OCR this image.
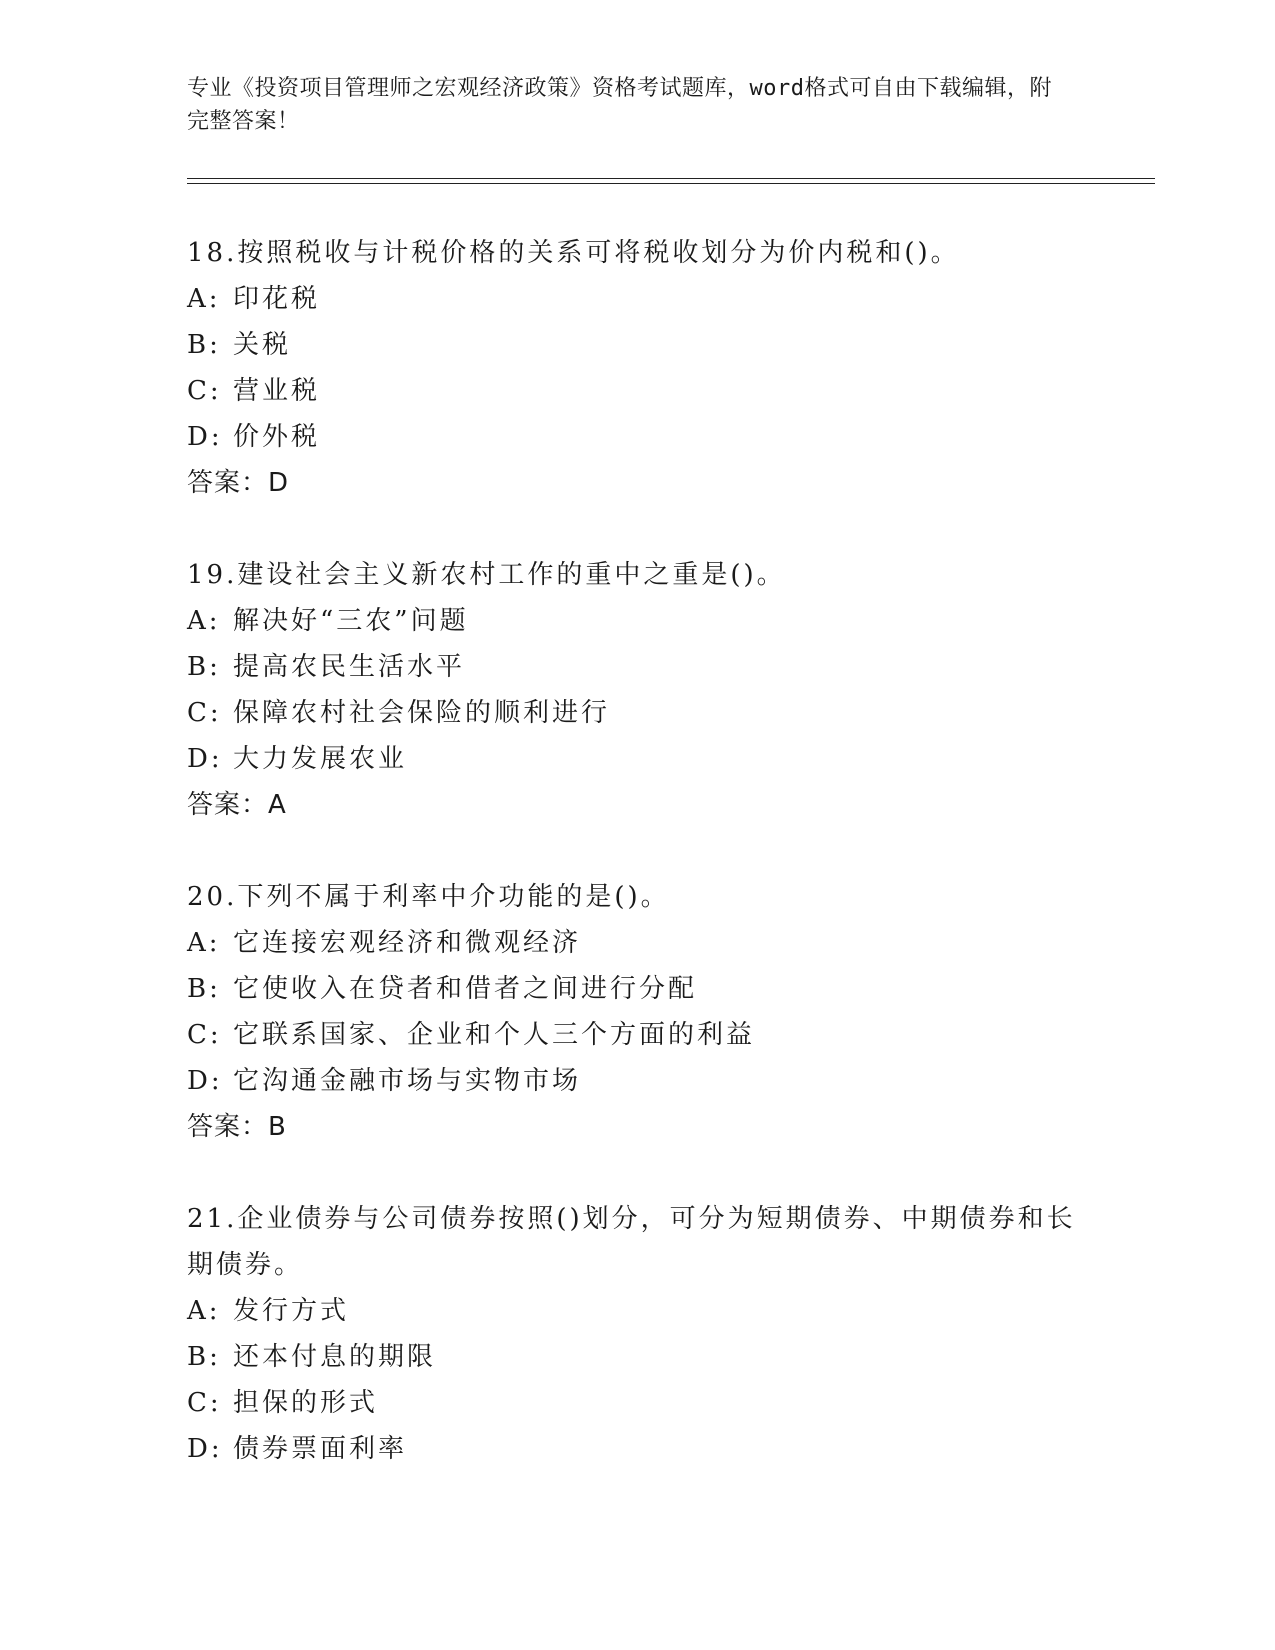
专业《投资项目管理师之宏观经济政策》资格考试题库，word格式可自由下载编辑，附完整答案！
18.按照税收与计税价格的关系可将税收划分为价内税和()。
A: 印花税
B: 关税
C: 营业税
D: 价外税
答案：D
19.建设社会主义新农村工作的重中之重是()。
A: 解决好“三农”问题
B: 提高农民生活水平
C: 保障农村社会保险的顺利进行
D: 大力发展农业
答案：A
20.下列不属于利率中介功能的是()。
A: 它连接宏观经济和微观经济
B: 它使收入在贷者和借者之间进行分配
C: 它联系国家、企业和个人三个方面的利益
D: 它沟通金融市场与实物市场
答案：B
21.企业债券与公司债券按照()划分，可分为短期债券、中期债券和长期债券。
A: 发行方式
B: 还本付息的期限
C: 担保的形式
D: 债券票面利率
